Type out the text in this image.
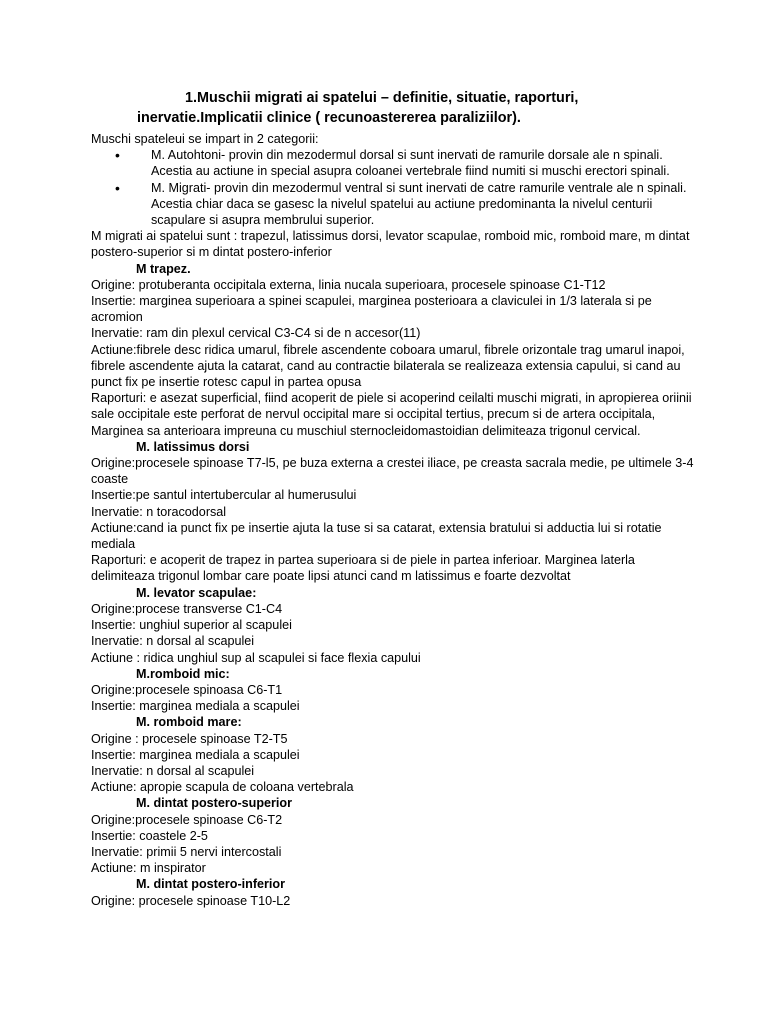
1.Muschii migrati ai spatelui – definitie, situatie, raporturi,
inervatie.Implicatii clinice ( recunoastererea paraliziilor).

Muschi spateleui se impart in 2 categorii:

• M. Autohtoni- provin din mezodermul dorsal si sunt inervati de ramurile dorsale ale n spinali. Acestia au actiune in special asupra coloanei vertebrale fiind numiti si muschi erectori spinali.
• M. Migrati- provin din mezodermul ventral si sunt inervati de catre ramurile ventrale ale n spinali. Acestia chiar daca se gasesc la nivelul spatelui au actiune predominanta la nivelul centurii scapulare si asupra membrului superior.

M migrati ai spatelui sunt : trapezul, latissimus dorsi, levator scapulae, romboid mic, romboid mare, m dintat postero-superior si m dintat postero-inferior

M trapez.

Origine: protuberanta occipitala externa, linia nucala superioara, procesele spinoase C1-T12

Insertie: marginea superioara a spinei scapulei, marginea posterioara a claviculei in 1/3 laterala si pe acromion

Inervatie: ram din plexul cervical C3-C4 si de n accesor(11)

Actiune:fibrele desc ridica umarul, fibrele ascendente coboara umarul, fibrele orizontale trag umarul inapoi, fibrele ascendente ajuta la catarat, cand au contractie bilaterala se realizeaza extensia capului, si cand au punct fix pe insertie rotesc capul in partea opusa

Raporturi: e asezat superficial, fiind acoperit de piele si acoperind ceilalti muschi migrati, in apropierea oriinii sale occipitale este perforat de nervul occipital mare si occipital tertius, precum si de artera occipitala, Marginea sa anterioara impreuna cu muschiul sternocleidomastoidian delimiteaza trigonul cervical.

M. latissimus dorsi

Origine:procesele spinoase T7-l5, pe buza externa a crestei iliace, pe creasta sacrala medie, pe ultimele 3-4 coaste

Insertie:pe santul intertubercular al humerusului

Inervatie: n toracodorsal

Actiune:cand ia punct fix pe insertie ajuta la tuse si sa catarat, extensia bratului si adductia lui si rotatie mediala

Raporturi: e acoperit de trapez in partea superioara si de piele in partea inferioar. Marginea laterla delimiteaza trigonul lombar care poate lipsi atunci cand m latissimus e foarte dezvoltat

M. levator scapulae:

Origine:procese transverse C1-C4

Insertie: unghiul superior al scapulei

Inervatie: n dorsal al scapulei

Actiune : ridica unghiul sup al scapulei si face flexia capului

M.romboid mic:

Origine:procesele spinoasa C6-T1

Insertie: marginea mediala a scapulei

M. romboid mare:

Origine : procesele spinoase T2-T5

Insertie: marginea mediala a scapulei

Inervatie: n dorsal al scapulei

Actiune: apropie scapula de coloana vertebrala

M. dintat postero-superior

Origine:procesele spinoase C6-T2

Insertie: coastele 2-5

Inervatie: primii 5 nervi intercostali

Actiune: m inspirator

M. dintat postero-inferior

Origine: procesele spinoase T10-L2
